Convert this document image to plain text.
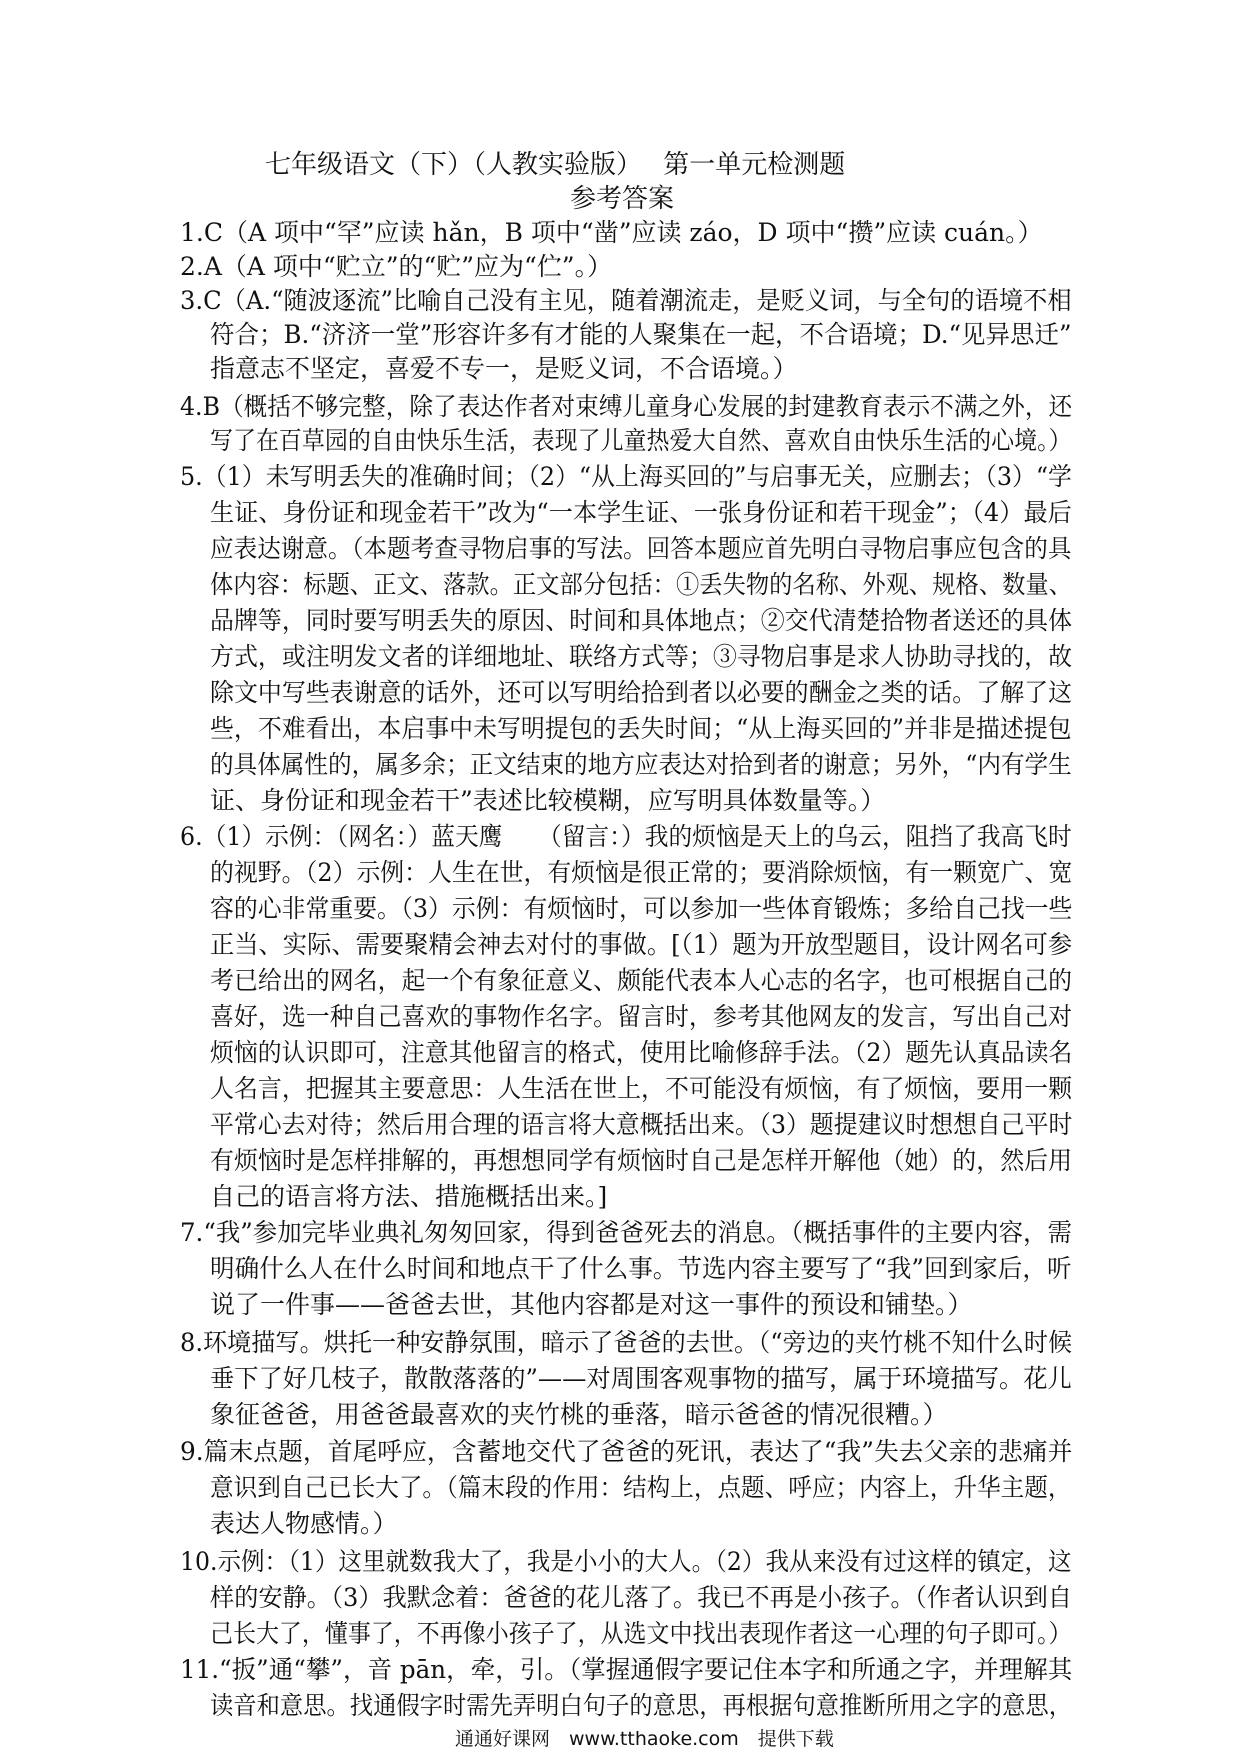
七年级语文（下）（人教实验版）　 第一单元检测题
参考答案
1.C（A 项中“罕”应读 hǎn，B 项中“凿”应读 záo，D 项中“攒”应读 cuán。）
2.A（A 项中“贮立”的“贮”应为“伫”。）
3.C（A.“随波逐流”比喻自己没有主见，随着潮流走，是贬义词，与全句的语境不相
符合；B.“济济一堂”形容许多有才能的人聚集在一起，不合语境；D.“见异思迁”
指意志不坚定，喜爱不专一，是贬义词，不合语境。）
4.B（概括不够完整，除了表达作者对束缚儿童身心发展的封建教育表示不满之外，还
写了在百草园的自由快乐生活，表现了儿童热爱大自然、喜欢自由快乐生活的心境。）
5.（1）未写明丢失的准确时间；（2）“从上海买回的”与启事无关，应删去；（3）“学
生证、身份证和现金若干”改为“一本学生证、一张身份证和若干现金”；（4）最后
应表达谢意。（本题考查寻物启事的写法。回答本题应首先明白寻物启事应包含的具
体内容：标题、正文、落款。正文部分包括：①丢失物的名称、外观、规格、数量、
品牌等，同时要写明丢失的原因、时间和具体地点；②交代清楚拾物者送还的具体
方式，或注明发文者的详细地址、联络方式等；③寻物启事是求人协助寻找的，故
除文中写些表谢意的话外，还可以写明给拾到者以必要的酬金之类的话。了解了这
些，不难看出，本启事中未写明提包的丢失时间；“从上海买回的”并非是描述提包
的具体属性的，属多余；正文结束的地方应表达对拾到者的谢意；另外，“内有学生
证、身份证和现金若干”表述比较模糊，应写明具体数量等。）
6.（1）示例：（网名：）蓝天鹰　　（留言：）我的烦恼是天上的乌云，阻挡了我高飞时
的视野。（2）示例：人生在世，有烦恼是很正常的；要消除烦恼，有一颗宽广、宽
容的心非常重要。（3）示例：有烦恼时，可以参加一些体育锻炼；多给自己找一些
正当、实际、需要聚精会神去对付的事做。[（1）题为开放型题目，设计网名可参
考已给出的网名，起一个有象征意义、颇能代表本人心志的名字，也可根据自己的
喜好，选一种自己喜欢的事物作名字。留言时，参考其他网友的发言，写出自己对
烦恼的认识即可，注意其他留言的格式，使用比喻修辞手法。（2）题先认真品读名
人名言，把握其主要意思：人生活在世上，不可能没有烦恼，有了烦恼，要用一颗
平常心去对待；然后用合理的语言将大意概括出来。（3）题提建议时想想自己平时
有烦恼时是怎样排解的，再想想同学有烦恼时自己是怎样开解他（她）的，然后用
自己的语言将方法、措施概括出来。]
7.“我”参加完毕业典礼匆匆回家，得到爸爸死去的消息。（概括事件的主要内容，需
明确什么人在什么时间和地点干了什么事。节选内容主要写了“我”回到家后，听
说了一件事——爸爸去世，其他内容都是对这一事件的预设和铺垫。）
8.环境描写。烘托一种安静氛围，暗示了爸爸的去世。（“旁边的夹竹桃不知什么时候
垂下了好几枝子，散散落落的”——对周围客观事物的描写，属于环境描写。花儿
象征爸爸，用爸爸最喜欢的夹竹桃的垂落，暗示爸爸的情况很糟。）
9.篇末点题，首尾呼应，含蓄地交代了爸爸的死讯，表达了“我”失去父亲的悲痛并
意识到自己已长大了。（篇末段的作用：结构上，点题、呼应；内容上，升华主题，
表达人物感情。）
10.示例：（1）这里就数我大了，我是小小的大人。（2）我从来没有过这样的镇定，这
样的安静。（3）我默念着：爸爸的花儿落了。我已不再是小孩子。（作者认识到自
己长大了，懂事了，不再像小孩子了，从选文中找出表现作者这一心理的句子即可。）
11.“扳”通“攀”，音 pān，牵，引。（掌握通假字要记住本字和所通之字，并理解其
读音和意思。找通假字时需先弄明白句子的意思，再根据句意推断所用之字的意思，
通通好课网　www.tthaoke.com　提供下载
